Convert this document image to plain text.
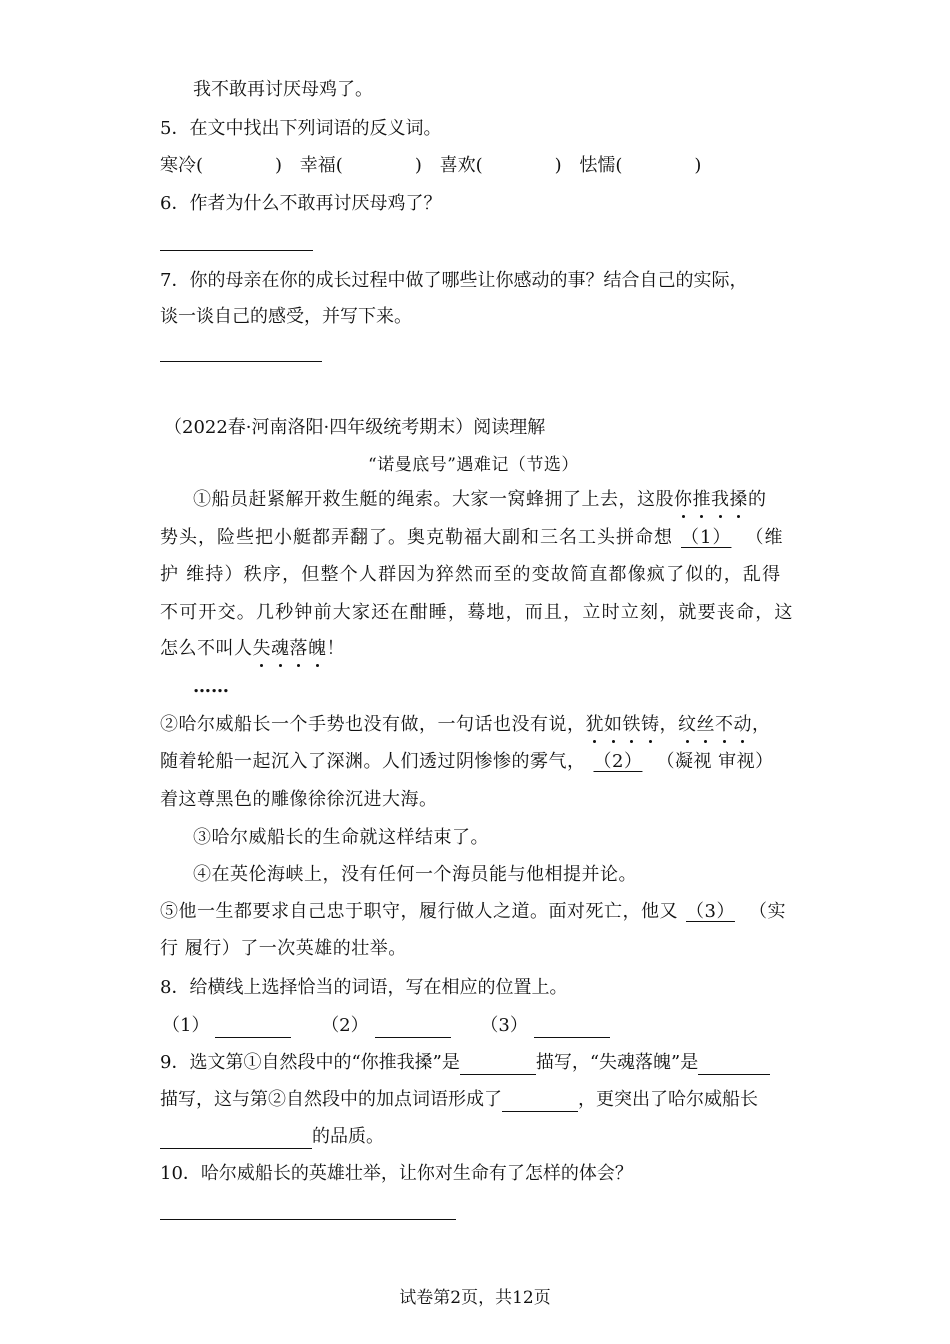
我不敢再讨厌母鸡了。
5．在文中找出下列词语的反义词。
寒冷(	) 幸福(	) 喜欢(	) 怯懦(	)
6．作者为什么不敢再讨厌母鸡了？
7．你的母亲在你的成长过程中做了哪些让你感动的事？结合自己的实际，
谈一谈自己的感受，并写下来。
（2022春·河南洛阳·四年级统考期末）阅读理解
“诺曼底号”遇难记（节选）
①船员赶紧解开救生艇的绳索。大家一窝蜂拥了上去，这股你推我搡的
势头，险些把小艇都弄翻了。奥克勒福大副和三名工头拼命想 （1） （维
护 维持）秩序，但整个人群因为猝然而至的变故简直都像疯了似的，乱得
不可开交。几秒钟前大家还在酣睡，蓦地，而且，立时立刻，就要丧命，这
怎么不叫人失魂落魄！
……
②哈尔威船长一个手势也没有做，一句话也没有说，犹如铁铸，纹丝不动，
随着轮船一起沉入了深渊。人们透过阴惨惨的雾气， （2） （凝视 审视）
着这尊黑色的雕像徐徐沉进大海。
③哈尔威船长的生命就这样结束了。
④在英伦海峡上，没有任何一个海员能与他相提并论。
⑤他一生都要求自己忠于职守，履行做人之道。面对死亡，他又 （3） （实
行 履行）了一次英雄的壮举。
8．给横线上选择恰当的词语，写在相应的位置上。
（1）	（2）	（3）
9．选文第①自然段中的“你推我搡”是	描写，“失魂落魄”是
描写，这与第②自然段中的加点词语形成了	，更突出了哈尔威船长
的品质。
10．哈尔威船长的英雄壮举，让你对生命有了怎样的体会？
试卷第2页，共12页
